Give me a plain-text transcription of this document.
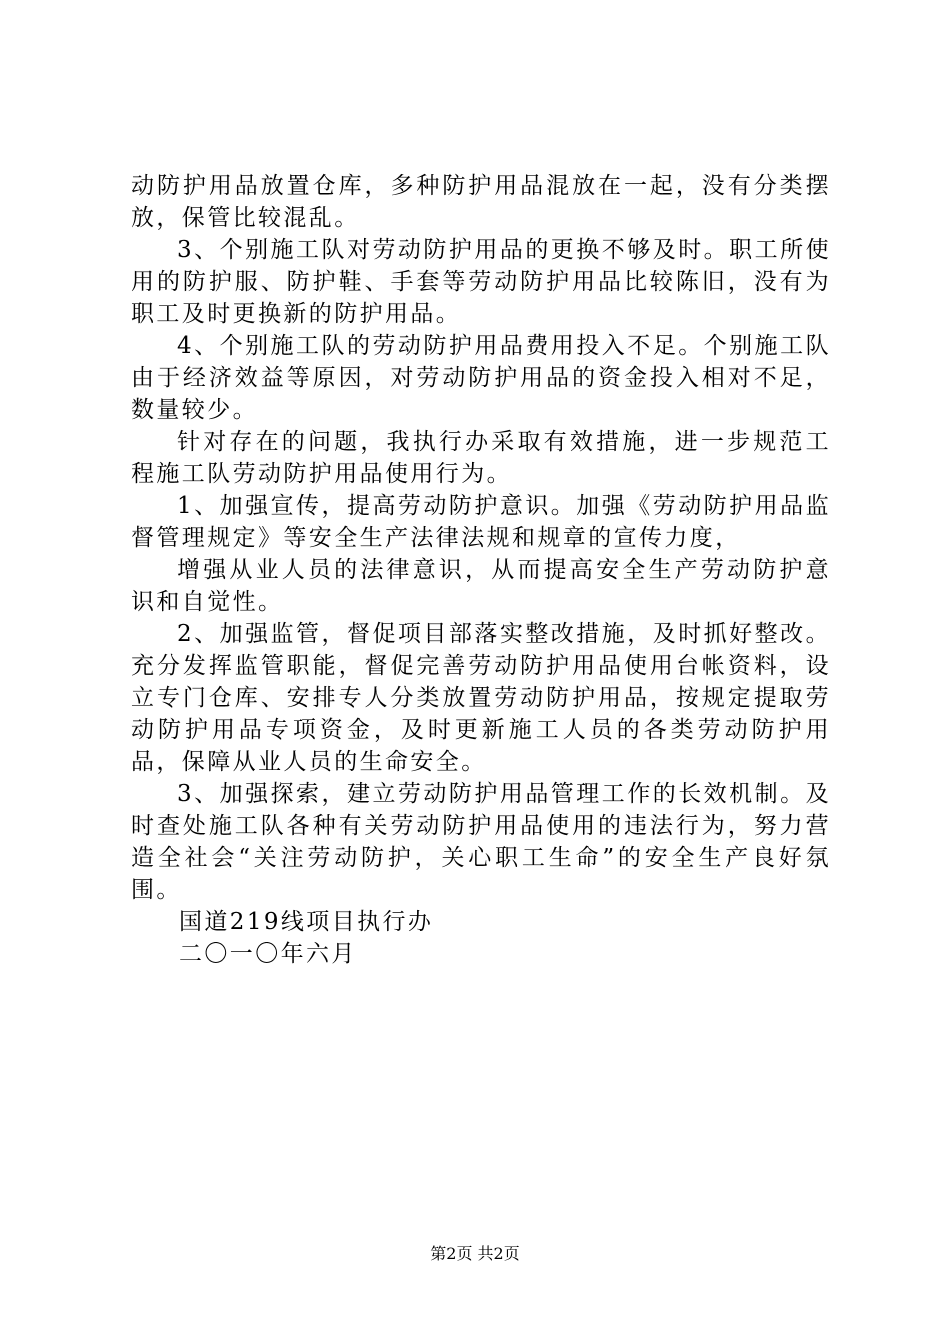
动防护用品放置仓库，多种防护用品混放在一起，没有分类摆放，保管比较混乱。

3、个别施工队对劳动防护用品的更换不够及时。职工所使用的防护服、防护鞋、手套等劳动防护用品比较陈旧，没有为职工及时更换新的防护用品。

4、个别施工队的劳动防护用品费用投入不足。个别施工队由于经济效益等原因，对劳动防护用品的资金投入相对不足，数量较少。

针对存在的问题，我执行办采取有效措施，进一步规范工程施工队劳动防护用品使用行为。

1、加强宣传，提高劳动防护意识。加强《劳动防护用品监督管理规定》等安全生产法律法规和规章的宣传力度，

增强从业人员的法律意识，从而提高安全生产劳动防护意识和自觉性。

2、加强监管，督促项目部落实整改措施，及时抓好整改。充分发挥监管职能，督促完善劳动防护用品使用台帐资料，设立专门仓库、安排专人分类放置劳动防护用品，按规定提取劳动防护用品专项资金，及时更新施工人员的各类劳动防护用品，保障从业人员的生命安全。

3、加强探索，建立劳动防护用品管理工作的长效机制。及时查处施工队各种有关劳动防护用品使用的违法行为，努力营造全社会“关注劳动防护，关心职工生命”的安全生产良好氛围。

国道219线项目执行办

二〇一〇年六月

第2页 共2页
